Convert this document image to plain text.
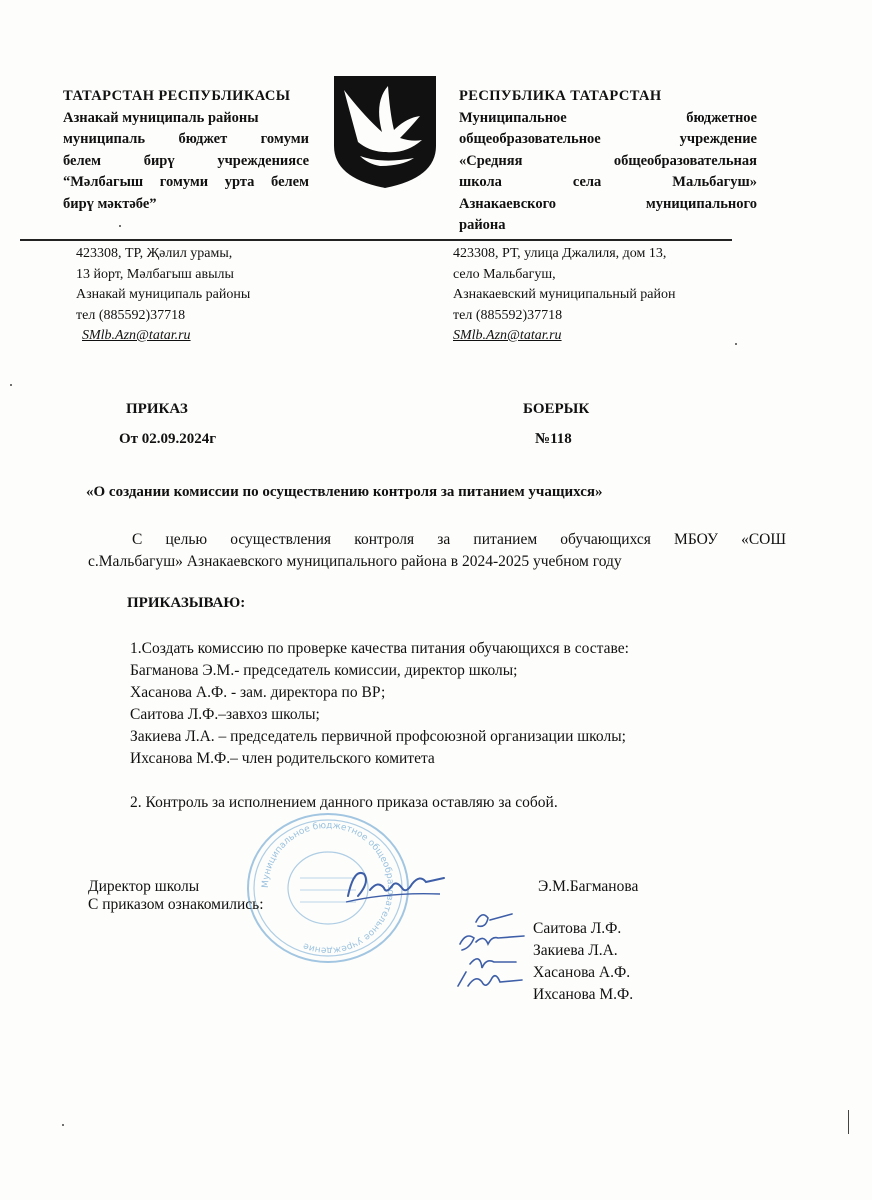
ТАТАРСТАН РЕСПУБЛИКАСЫ
Азнакай муниципаль районы
муниципаль бюджет гомуми
белем бирү учрежденияcе
“Мәлбагыш гомуми урта белем
бирү мәктәбе”
РЕСПУБЛИКА ТАТАРСТАН
Муниципальное бюджетное
общеобразовательное учреждение
«Средняя общеобразовательная
школа села Мальбагуш»
Азнакаевского муниципального
района
423308, ТР, Җәлил урамы,
13 йорт, Мәлбагыш авылы
Азнакай муниципаль районы
тел (885592)37718
SMlb.Azn@tatar.ru
423308, РТ, улица Джалиля, дом 13,
село Мальбагуш,
Азнакаевский муниципальный район
тел (885592)37718
SMlb.Azn@tatar.ru
ПРИКАЗ
От 02.09.2024г
БОЕРЫК
№118
«О создании комиссии по осуществлению контроля за питанием учащихся»
С целью осуществления контроля за питанием обучающихся МБОУ «СОШ
с.Мальбагуш» Азнакаевского муниципального района в 2024-2025 учебном году
ПРИКАЗЫВАЮ:
1.Создать комиссию по проверке качества питания обучающихся в составе:
Багманова Э.М.- председатель комиссии, директор школы;
Хасанова А.Ф. - зам. директора по ВР;
Саитова Л.Ф.–завхоз школы;
Закиева Л.А. – председатель первичной профсоюзной организации школы;
Ихсанова М.Ф.– член родительского комитета
2. Контроль за исполнением данного приказа оставляю за собой.
Муниципальное бюджетное общеобразовательное учреждение
Директор школы
С приказом ознакомились:
Э.М.Багманова
Саитова Л.Ф.
Закиева Л.А.
Хасанова А.Ф.
Ихсанова М.Ф.
